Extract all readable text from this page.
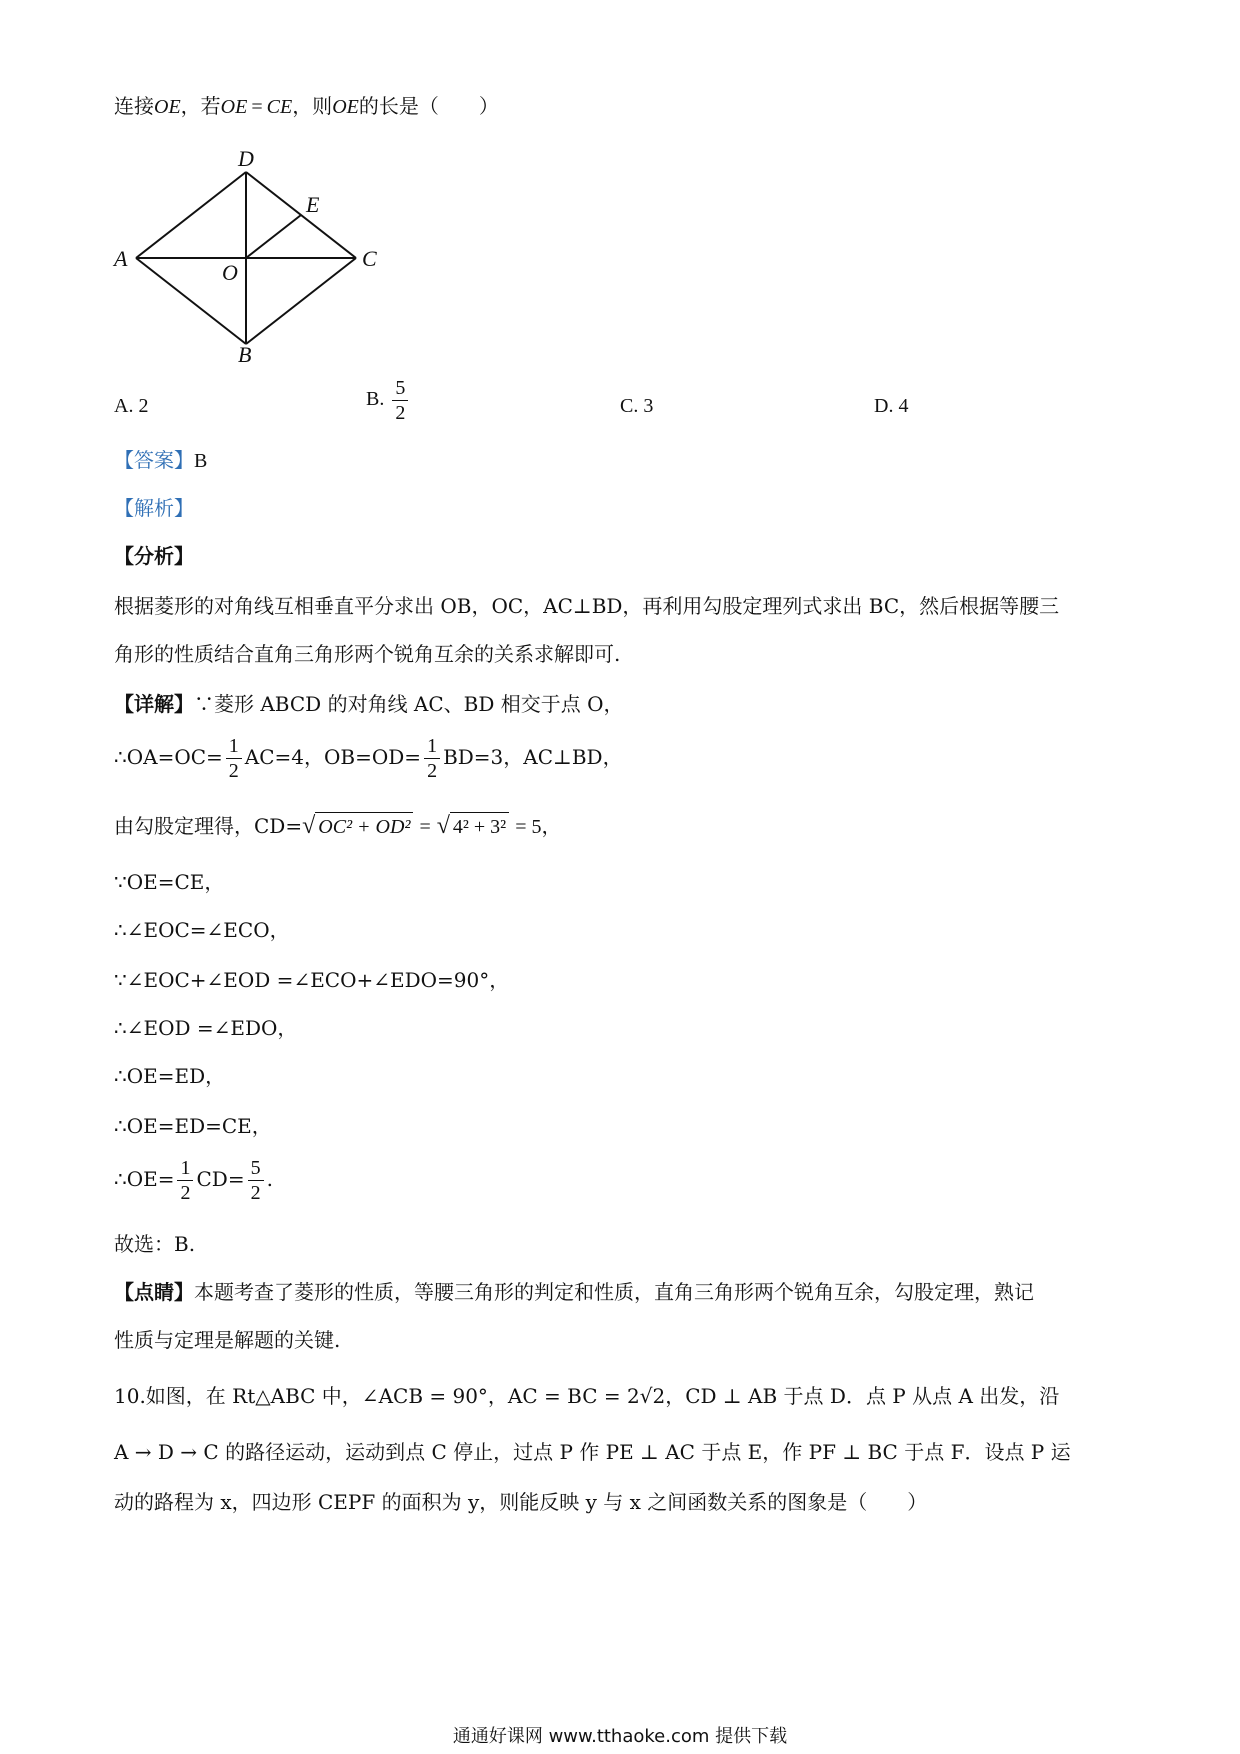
连接OE，若OE = CE，则OE的长是（　　）
A
D
E
O
C
B
A. 2	B. $\frac{5}{2}$	C. 3	D. 4
【答案】B
【解析】
【分析】
根据菱形的对角线互相垂直平分求出 OB，OC，AC⊥BD，再利用勾股定理列式求出 BC，然后根据等腰三
角形的性质结合直角三角形两个锐角互余的关系求解即可.
【详解】∵菱形 ABCD 的对角线 AC、BD 相交于点 O，
∴OA=OC= $\frac{1}{2} AC=4$，$OB=OD= \frac{1}{2} BD=3$，AC⊥BD，
由勾股定理得，CD=√ OC² + OD² = √ 4² + 3² = 5，
∵OE=CE，
∴∠EOC=∠ECO，
∵∠EOC+∠EOD =∠ECO+∠EDO=90°，
∴∠EOD =∠EDO，
∴OE=ED，
∴OE=ED=CE，
∴OE= $\frac{1}{2} CD= \frac{5}{2}$ .
故选：B.
【点睛】本题考查了菱形的性质，等腰三角形的判定和性质，直角三角形两个锐角互余，勾股定理，熟记
性质与定理是解题的关键.
10.如图，在 Rt△ABC 中，∠ACB = 90°，AC = BC = 2√2，CD ⊥ AB 于点 D．点 P 从点 A 出发，沿
A → D → C 的路径运动，运动到点 C 停止，过点 P 作 PE ⊥ AC 于点 E，作 PF ⊥ BC 于点 F．设点 P 运
动的路程为 x，四边形 CEPF 的面积为 y，则能反映 y 与 x 之间函数关系的图象是（　　）
通通好课网 www.tthaoke.com 提供下载
